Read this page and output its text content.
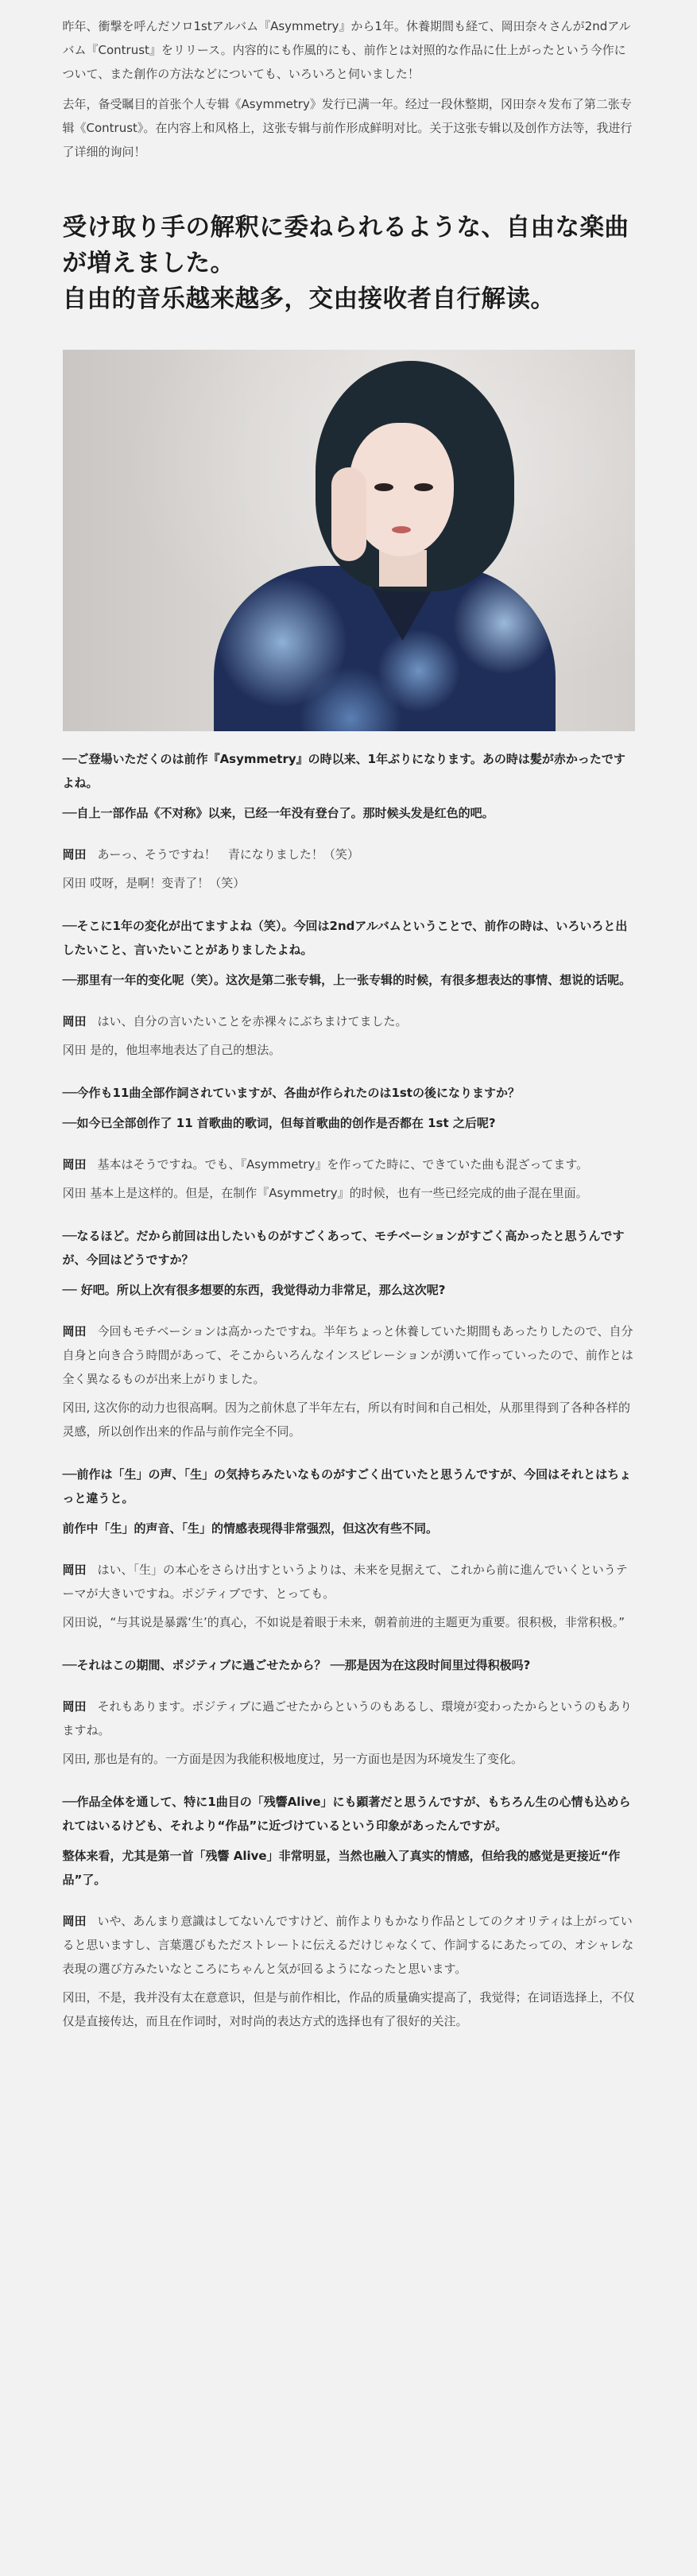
昨年、衝撃を呼んだソロ1stアルバム『Asymmetry』から1年。休養期間も経て、岡田奈々さんが2ndアルバム『Contrust』をリリース。内容的にも作風的にも、前作とは対照的な作品に仕上がったという今作について、また創作の方法などについても、いろいろと伺いました！

去年，备受瞩目的首张个人专辑《Asymmetry》发行已满一年。经过一段休整期，冈田奈々发布了第二张专辑《Contrust》。在内容上和风格上，这张专辑与前作形成鲜明对比。关于这张专辑以及创作方法等，我进行了详细的询问！

受け取り手の解釈に委ねられるような、自由な楽曲が増えました。
自由的音乐越来越多，交由接收者自行解读。

──ご登場いただくのは前作『Asymmetry』の時以来、1年ぶりになります。あの時は髪が赤かったですよね。

──自上一部作品《不对称》以来，已经一年没有登台了。那时候头发是红色的吧。

岡田 あーっ、そうですね！　青になりました！（笑）

冈田 哎呀，是啊！变青了！（笑）

──そこに1年の変化が出てますよね（笑）。今回は2ndアルバムということで、前作の時は、いろいろと出したいこと、言いたいことがありましたよね。

──那里有一年的变化呢（笑）。这次是第二张专辑，上一张专辑的时候，有很多想表达的事情、想说的话呢。

岡田 はい、自分の言いたいことを赤裸々にぶちまけてました。

冈田 是的，他坦率地表达了自己的想法。

──今作も11曲全部作詞されていますが、各曲が作られたのは1stの後になりますか？

──如今已全部创作了 11 首歌曲的歌词，但每首歌曲的创作是否都在 1st 之后呢?

岡田 基本はそうですね。でも、『Asymmetry』を作ってた時に、できていた曲も混ざってます。

冈田 基本上是这样的。但是，在制作『Asymmetry』的时候，也有一些已经完成的曲子混在里面。

──なるほど。だから前回は出したいものがすごくあって、モチベーションがすごく高かったと思うんですが、今回はどうですか？

── 好吧。所以上次有很多想要的东西，我觉得动力非常足，那么这次呢?

岡田 今回もモチベーションは高かったですね。半年ちょっと休養していた期間もあったりしたので、自分自身と向き合う時間があって、そこからいろんなインスピレーションが湧いて作っていったので、前作とは全く異なるものが出来上がりました。

冈田, 这次你的动力也很高啊。因为之前休息了半年左右，所以有时间和自己相处，从那里得到了各种各样的灵感，所以创作出来的作品与前作完全不同。

──前作は「生」の声、「生」の気持ちみたいなものがすごく出ていたと思うんですが、今回はそれとはちょっと違うと。

前作中「生」的声音、「生」的情感表现得非常强烈，但这次有些不同。

岡田 はい、「生」の本心をさらけ出すというよりは、未来を見据えて、これから前に進んでいくというテーマが大きいですね。ポジティブです、とっても。

冈田说，“与其说是暴露‘生’的真心，不如说是着眼于未来，朝着前进的主题更为重要。很积极，非常积极。”

──それはこの期間、ポジティブに過ごせたから？ ──那是因为在这段时间里过得积极吗?

岡田 それもあります。ポジティブに過ごせたからというのもあるし、環境が変わったからというのもありますね。

冈田, 那也是有的。一方面是因为我能积极地度过，另一方面也是因为环境发生了变化。

──作品全体を通して、特に1曲目の「残響Alive」にも顕著だと思うんですが、もちろん生の心情も込められてはいるけども、それより“作品”に近づけているという印象があったんですが。

整体来看，尤其是第一首「残響 Alive」非常明显，当然也融入了真实的情感，但给我的感觉是更接近“作品”了。

岡田 いや、あんまり意識はしてないんですけど、前作よりもかなり作品としてのクオリティは上がっていると思いますし、言葉選びもただストレートに伝えるだけじゃなくて、作詞するにあたっての、オシャレな表現の選び方みたいなところにちゃんと気が回るようになったと思います。

冈田，不是，我并没有太在意意识，但是与前作相比，作品的质量确实提高了，我觉得；在词语选择上，不仅仅是直接传达，而且在作词时，对时尚的表达方式的选择也有了很好的关注。
